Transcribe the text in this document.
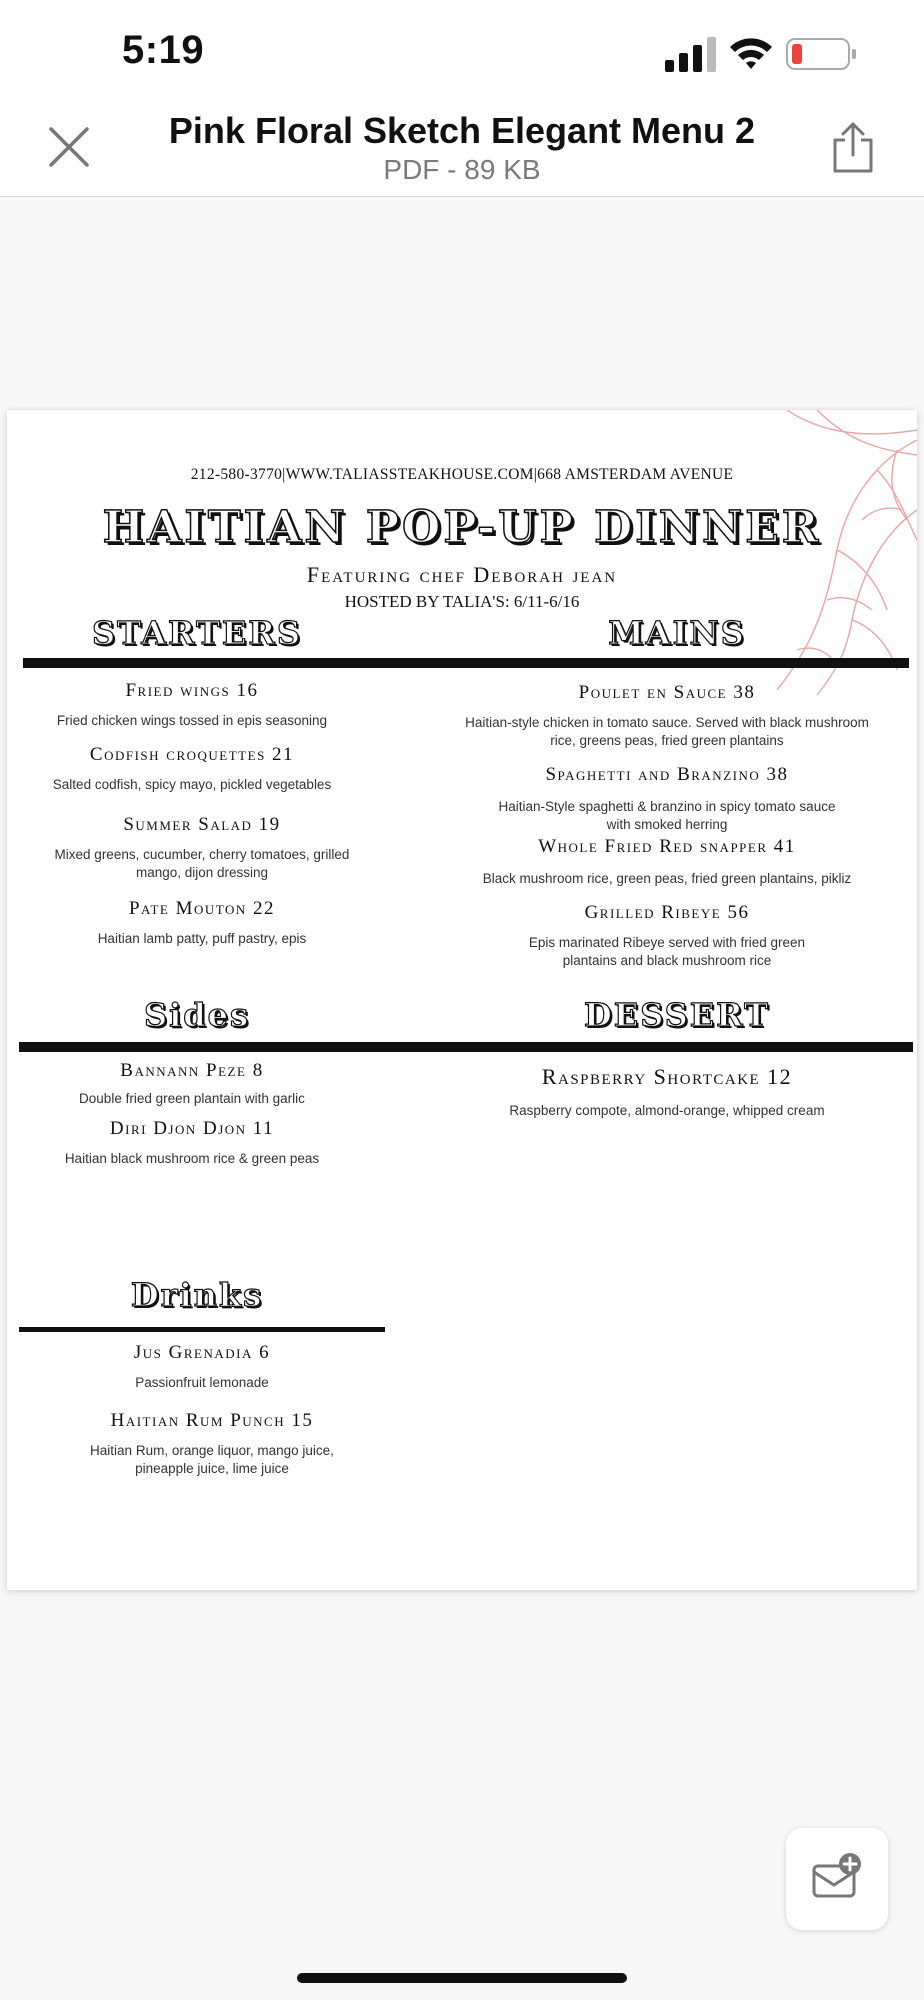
5:19
Pink Floral Sketch Elegant Menu 2
PDF - 89 KB
212-580-3770|WWW.TALIASSTEAKHOUSE.COM|668 AMSTERDAM AVENUE
HAITIAN POP-UP DINNER
Featuring chef Deborah jean
HOSTED BY TALIA'S: 6/11-6/16
STARTERS	MAINS
Fried wings 16
Fried chicken wings tossed in epis seasoning
Codfish croquettes 21
Salted codfish, spicy mayo, pickled vegetables
Summer Salad 19
Mixed greens, cucumber, cherry tomatoes, grilled mango, dijon dressing
Pate Mouton 22
Haitian lamb patty, puff pastry, epis
Poulet en Sauce 38
Haitian-style chicken in tomato sauce. Served with black mushroom rice, greens peas, fried green plantains
Spaghetti and Branzino 38
Haitian-Style spaghetti & branzino in spicy tomato sauce with smoked herring
Whole Fried Red snapper 41
Black mushroom rice, green peas, fried green plantains, pikliz
Grilled Ribeye 56
Epis marinated Ribeye served with fried green plantains and black mushroom rice
Sides	DESSERT
Bannann Peze 8
Double fried green plantain with garlic
Diri Djon Djon 11
Haitian black mushroom rice & green peas
Raspberry Shortcake 12
Raspberry compote, almond-orange, whipped cream
Drinks
Jus Grenadia 6
Passionfruit lemonade
Haitian Rum Punch 15
Haitian Rum, orange liquor, mango juice, pineapple juice, lime juice
